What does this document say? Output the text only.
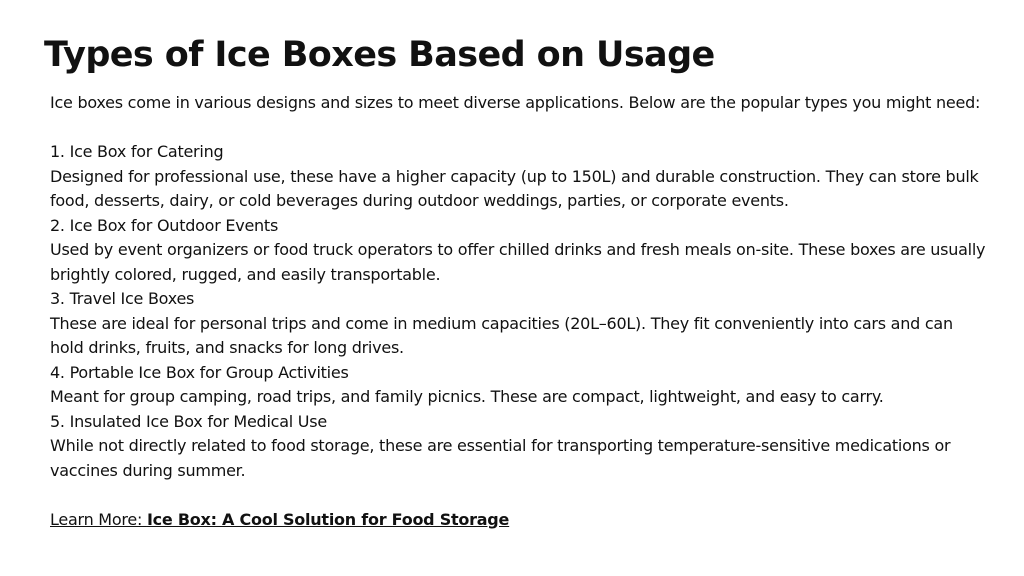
Types of Ice Boxes Based on Usage

Ice boxes come in various designs and sizes to meet diverse applications. Below are the popular types you might need:

1. Ice Box for Catering

Designed for professional use, these have a higher capacity (up to 150L) and durable construction. They can store bulk food, desserts, dairy, or cold beverages during outdoor weddings, parties, or corporate events.

2. Ice Box for Outdoor Events

Used by event organizers or food truck operators to offer chilled drinks and fresh meals on-site. These boxes are usually brightly colored, rugged, and easily transportable.

3. Travel Ice Boxes

These are ideal for personal trips and come in medium capacities (20L–60L). They fit conveniently into cars and can hold drinks, fruits, and snacks for long drives.

4. Portable Ice Box for Group Activities

Meant for group camping, road trips, and family picnics. These are compact, lightweight, and easy to carry.

5. Insulated Ice Box for Medical Use

While not directly related to food storage, these are essential for transporting temperature-sensitive medications or vaccines during summer.

Learn More: Ice Box: A Cool Solution for Food Storage
